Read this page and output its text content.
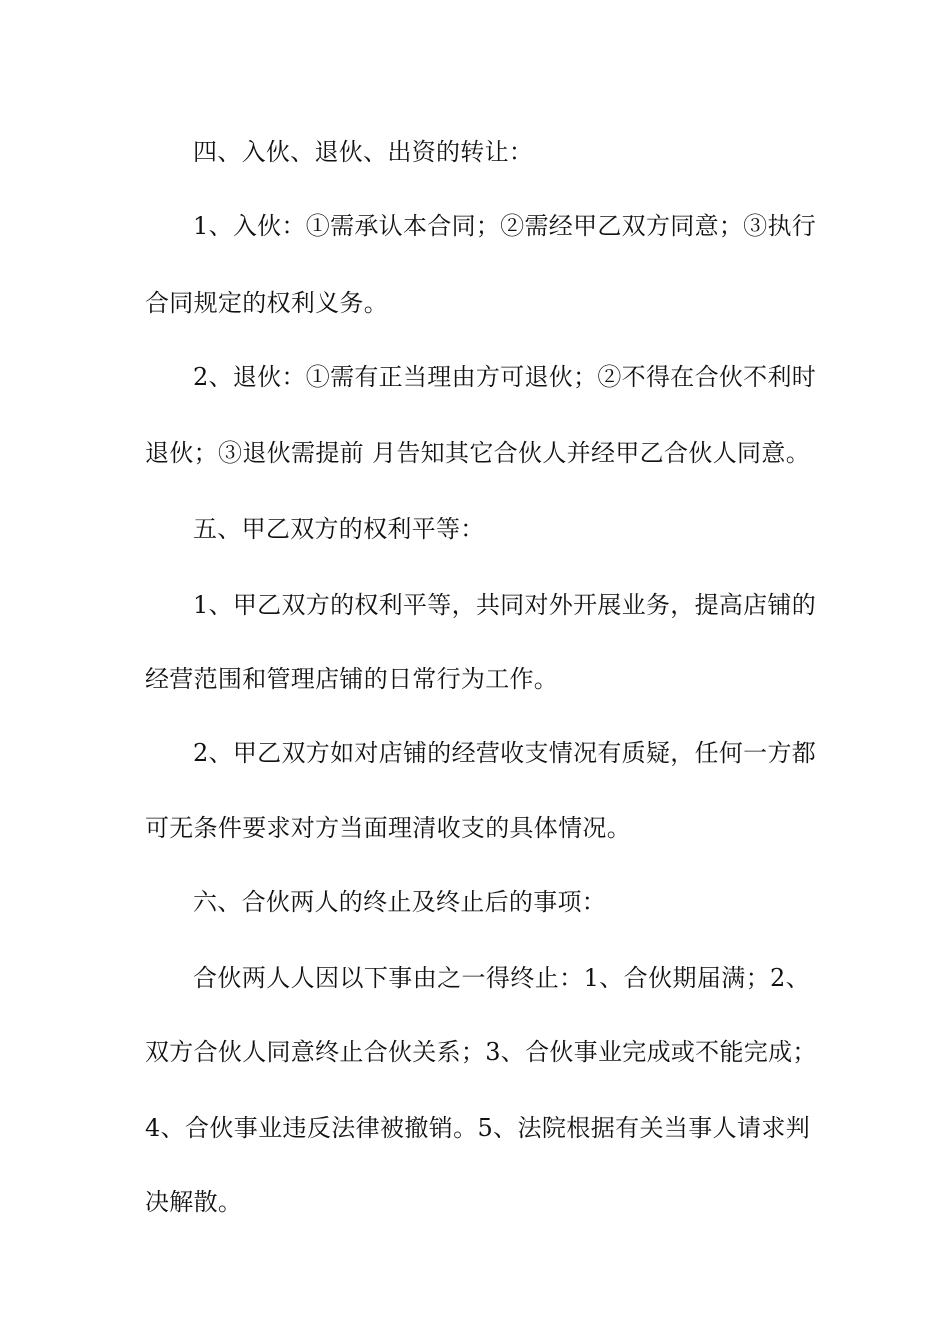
四、入伙、退伙、出资的转让：
1、入伙：①需承认本合同；②需经甲乙双方同意；③执行
合同规定的权利义务。
2、退伙：①需有正当理由方可退伙；②不得在合伙不利时
退伙；③退伙需提前 月告知其它合伙人并经甲乙合伙人同意。
五、甲乙双方的权利平等：
1、甲乙双方的权利平等，共同对外开展业务，提高店铺的
经营范围和管理店铺的日常行为工作。
2、甲乙双方如对店铺的经营收支情况有质疑，任何一方都
可无条件要求对方当面理清收支的具体情况。
六、合伙两人的终止及终止后的事项：
合伙两人人因以下事由之一得终止：1、合伙期届满；2、
双方合伙人同意终止合伙关系；3、合伙事业完成或不能完成；
4、合伙事业违反法律被撤销。5、法院根据有关当事人请求判
决解散。
